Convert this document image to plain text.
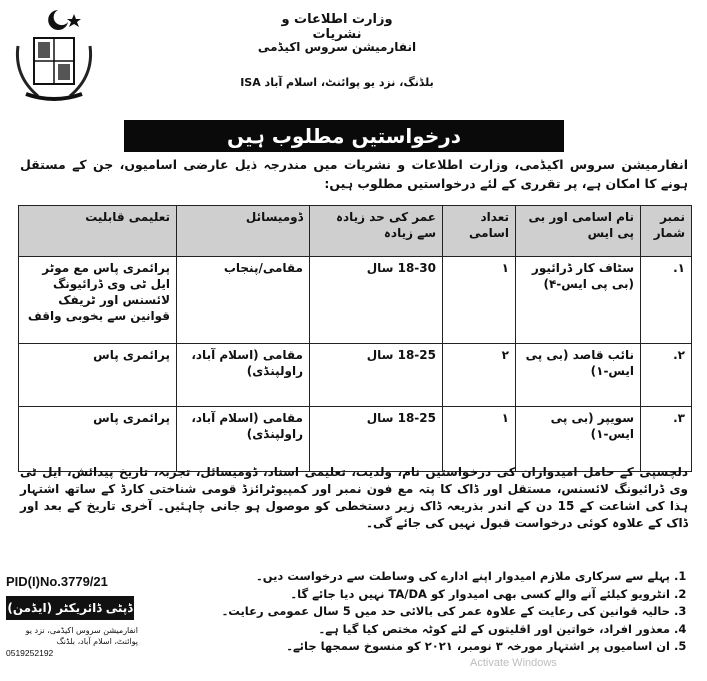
وزارت اطلاعات و نشریات
انفارمیشن سروس اکیڈمی
بلڈنگ، نزد یو پوائنٹ، اسلام آباد ISA
درخواستیں مطلوب ہیں
انفارمیشن سروس اکیڈمی، وزارت اطلاعات و نشریات میں مندرجہ ذیل عارضی اسامیوں، جن کے مستقل ہونے کا امکان ہے، پر تقرری کے لئے درخواستیں مطلوب ہیں:
نمبر شمار	نام اسامی اور بی پی ایس	تعداد اسامی	عمر کی حد زیادہ سے زیادہ	ڈومیسائل	تعلیمی قابلیت
۱.	سٹاف کار ڈرائیور (بی پی ایس-۴)	۱	18-30 سال	مقامی/پنجاب	پرائمری پاس مع موٹر ایل ٹی وی ڈرائیونگ لائسنس اور ٹریفک قوانین سے بخوبی واقف
۲.	نائب قاصد (بی پی ایس-۱)	۲	18-25 سال	مقامی (اسلام آباد، راولپنڈی)	پرائمری پاس
۳.	سویپر (بی پی ایس-۱)	۱	18-25 سال	مقامی (اسلام آباد، راولپنڈی)	پرائمری پاس
دلچسپی کے حامل امیدواران کی درخواستیں نام، ولدیت، تعلیمی اسناد، ڈومیسائل، تجربہ، تاریخ پیدائش، ایل ٹی وی ڈرائیونگ لائسنس، مستقل اور ڈاک کا پتہ مع فون نمبر اور کمپیوٹرائزڈ قومی شناختی کارڈ کے ساتھ اشتہار ہذا کی اشاعت کے 15 دن کے اندر بذریعہ ڈاک زیر دستخطی کو موصول ہو جانی چاہئیں۔ آخری تاریخ کے بعد اور ڈاک کے علاوہ کوئی درخواست قبول نہیں کی جائے گی۔
1. پہلے سے سرکاری ملازم امیدوار اپنے ادارے کی وساطت سے درخواست دیں۔
2. انٹرویو کیلئے آنے والے کسی بھی امیدوار کو TA/DA نہیں دیا جائے گا۔
3. حالیہ قوانین کی رعایت کے علاوہ عمر کی بالائی حد میں 5 سال عمومی رعایت۔
4. معذور افراد، خواتین اور اقلیتوں کے لئے کوٹہ مختص کیا گیا ہے۔
5. ان اسامیوں پر اشتہار مورخہ ۳ نومبر، ۲۰۲۱ کو منسوخ سمجھا جائے۔
PID(I)No.3779/21
ڈپٹی ڈائریکٹر (ایڈمن)
انفارمیشن سروس اکیڈمی، نزد یو پوائنٹ، اسلام آباد، بلڈنگ
0519252192
Activate Windows
